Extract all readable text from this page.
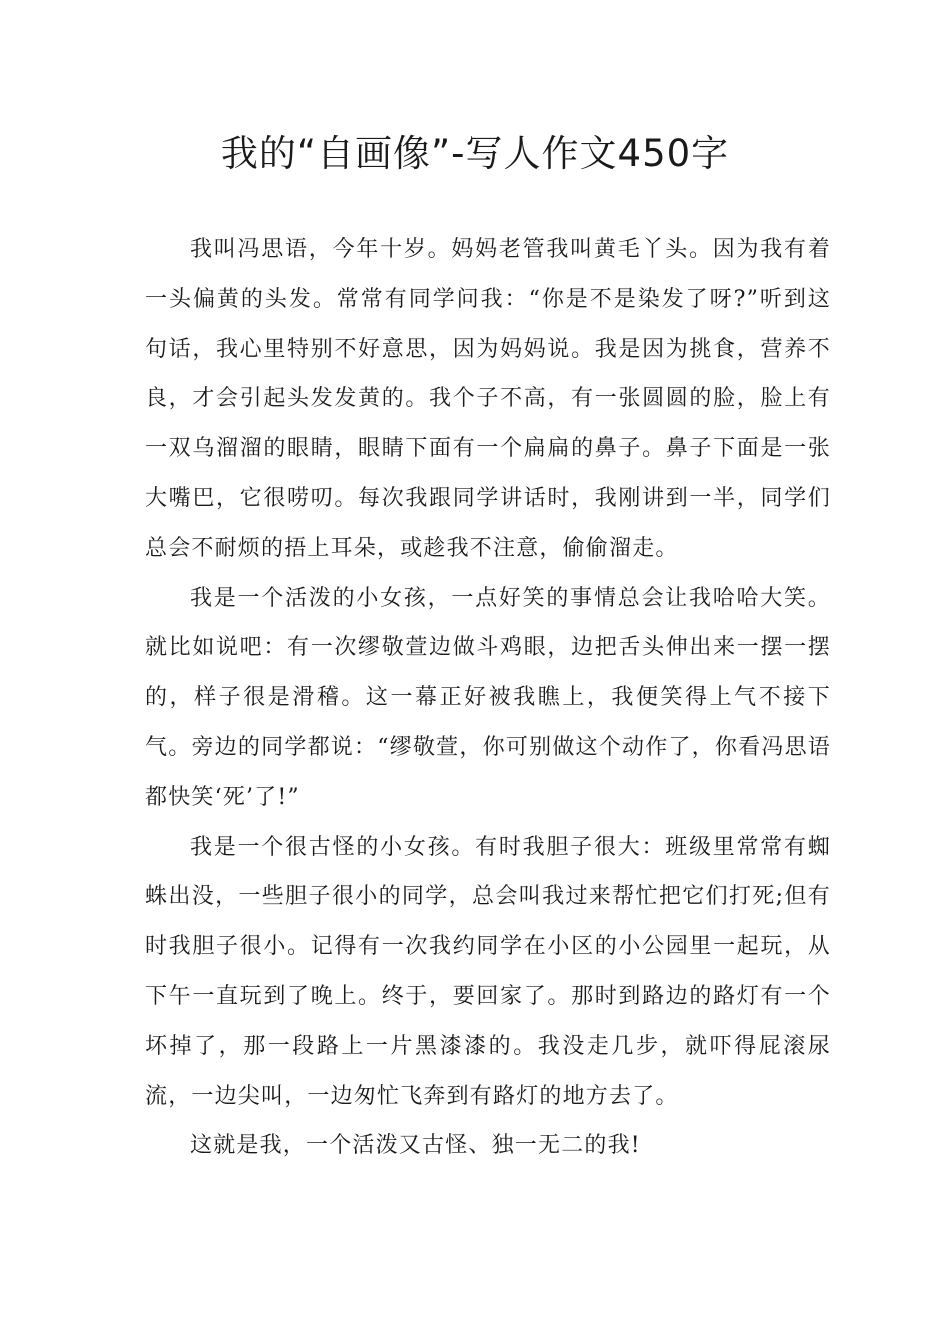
我的“自画像”-写人作文450字

我叫冯思语，今年十岁。妈妈老管我叫黄毛丫头。因为我有着一头偏黄的头发。常常有同学问我：“你是不是染发了呀?”听到这句话，我心里特别不好意思，因为妈妈说。我是因为挑食，营养不良，才会引起头发发黄的。我个子不高，有一张圆圆的脸，脸上有一双乌溜溜的眼睛，眼睛下面有一个扁扁的鼻子。鼻子下面是一张大嘴巴，它很唠叨。每次我跟同学讲话时，我刚讲到一半，同学们总会不耐烦的捂上耳朵，或趁我不注意，偷偷溜走。

我是一个活泼的小女孩，一点好笑的事情总会让我哈哈大笑。就比如说吧：有一次缪敬萱边做斗鸡眼，边把舌头伸出来一摆一摆的，样子很是滑稽。这一幕正好被我瞧上，我便笑得上气不接下气。旁边的同学都说：“缪敬萱，你可别做这个动作了，你看冯思语都快笑‘死’了!”

我是一个很古怪的小女孩。有时我胆子很大：班级里常常有蜘蛛出没，一些胆子很小的同学，总会叫我过来帮忙把它们打死;但有时我胆子很小。记得有一次我约同学在小区的小公园里一起玩，从下午一直玩到了晚上。终于，要回家了。那时到路边的路灯有一个坏掉了，那一段路上一片黑漆漆的。我没走几步，就吓得屁滚尿流，一边尖叫，一边匆忙飞奔到有路灯的地方去了。

这就是我，一个活泼又古怪、独一无二的我!
